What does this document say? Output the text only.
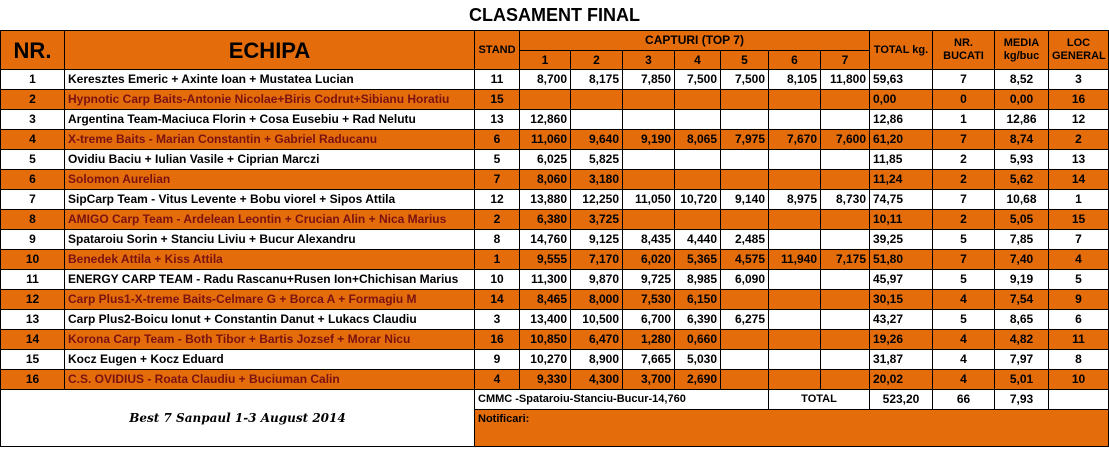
CLASAMENT FINAL													
NR.	ECHIPA	STAND	CAPTURI (TOP 7)							TOTAL kg.	NR. BUCATI	MEDIA kg/buc	LOC GENERAL
			1	2	3	4	5	6	7				
1	Keresztes Emeric + Axinte Ioan + Mustatea Lucian	11	8,700	8,175	7,850	7,500	7,500	8,105	11,800	59,63	7	8,52	3
2	Hypnotic Carp Baits-Antonie Nicolae+Biris Codrut+Sibianu Horatiu	15								0,00	0	0,00	16
3	Argentina Team-Maciuca Florin + Cosa Eusebiu + Rad Nelutu	13	12,860							12,86	1	12,86	12
4	X-treme Baits - Marian Constantin + Gabriel Raducanu	6	11,060	9,640	9,190	8,065	7,975	7,670	7,600	61,20	7	8,74	2
5	Ovidiu Baciu + Iulian Vasile + Ciprian Marczi	5	6,025	5,825						11,85	2	5,93	13
6	Solomon Aurelian	7	8,060	3,180						11,24	2	5,62	14
7	SipCarp Team - Vitus Levente + Bobu viorel + Sipos Attila	12	13,880	12,250	11,050	10,720	9,140	8,975	8,730	74,75	7	10,68	1
8	AMIGO Carp Team - Ardelean Leontin + Crucian Alin + Nica Marius	2	6,380	3,725						10,11	2	5,05	15
9	Spataroiu Sorin + Stanciu Liviu + Bucur Alexandru	8	14,760	9,125	8,435	4,440	2,485			39,25	5	7,85	7
10	Benedek Attila + Kiss Attila	1	9,555	7,170	6,020	5,365	4,575	11,940	7,175	51,80	7	7,40	4
11	ENERGY CARP TEAM - Radu Rascanu+Rusen Ion+Chichisan Marius	10	11,300	9,870	9,725	8,985	6,090			45,97	5	9,19	5
12	Carp Plus1-X-treme Baits-Celmare G + Borca A + Formagiu M	14	8,465	8,000	7,530	6,150				30,15	4	7,54	9
13	Carp Plus2-Boicu Ionut + Constantin Danut + Lukacs Claudiu	3	13,400	10,500	6,700	6,390	6,275			43,27	5	8,65	6
14	Korona Carp Team - Both Tibor + Bartis Jozsef + Morar Nicu	16	10,850	6,470	1,280	0,660				19,26	4	4,82	11
15	Kocz Eugen + Kocz Eduard	9	10,270	8,900	7,665	5,030				31,87	4	7,97	8
16	C.S. OVIDIUS - Roata Claudiu + Buciuman Calin	4	9,330	4,300	3,700	2,690				20,02	4	5,01	10
Best 7 Sanpaul 1-3 August 2014		CMMC -Spataroiu-Stanciu-Bucur-14,760						TOTAL		523,20	66	7,93	
		Notificari:											
